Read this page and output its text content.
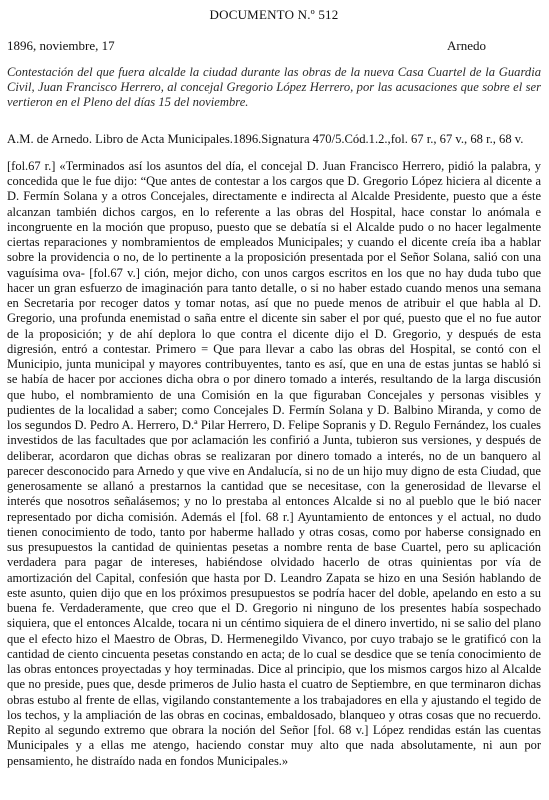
DOCUMENTO N.º 512
1896, noviembre, 17	Arnedo
Contestación del que fuera alcalde la ciudad durante las obras de la nueva Casa Cuartel de la Guardia Civil, Juan Francisco Herrero, al concejal Gregorio López Herrero, por las acusaciones que sobre el ser vertieron en el Pleno del días 15 del noviembre.
A.M. de Arnedo. Libro de Acta Municipales.1896.Signatura 470/5.Cód.1.2.,fol. 67 r., 67 v., 68 r., 68 v.
[fol.67 r.] «Terminados así los asuntos del día, el concejal D. Juan Francisco Herrero, pidió la palabra, y concedida que le fue dijo: “Que antes de contestar a los cargos que D. Gregorio López hiciera al dicente a D. Fermín Solana y a otros Concejales, directamente e indirecta al Alcalde Presidente, puesto que a éste alcanzan también dichos cargos, en lo referente a las obras del Hospital, hace constar lo anómala e incongruente en la moción que propuso, puesto que se debatía si el Alcalde pudo o no hacer legalmente ciertas reparaciones y nombramientos de empleados Municipales; y cuando el dicente creía iba a hablar sobre la providencia o no, de lo pertinente a la proposición presentada por el Señor Solana, salió con una vaguísima ova- [fol.67 v.] ción, mejor dicho, con unos cargos escritos en los que no hay duda tubo que hacer un gran esfuerzo de imaginación para tanto detalle, o si no haber estado cuando menos una semana en Secretaria por recoger datos y tomar notas, así que no puede menos de atribuir el que habla al D. Gregorio, una profunda enemistad o saña entre el dicente sin saber el por qué, puesto que el no fue autor de la proposición; y de ahí deplora lo que contra el dicente dijo el D. Gregorio, y después de esta digresión, entró a contestar. Primero = Que para llevar a cabo las obras del Hospital, se contó con el Municipio, junta municipal y mayores contribuyentes, tanto es así, que en una de estas juntas se habló si se había de hacer por acciones dicha obra o por dinero tomado a interés, resultando de la larga discusión que hubo, el nombramiento de una Comisión en la que figuraban Concejales y personas visibles y pudientes de la localidad a saber; como Concejales D. Fermín Solana y D. Balbino Miranda, y como de los segundos D. Pedro A. Herrero, D.ª Pilar Herrero, D. Felipe Sopranis y D. Regulo Fernández, los cuales investidos de las facultades que por aclamación les confirió a Junta, tubieron sus versiones, y después de deliberar, acordaron que dichas obras se realizaran por dinero tomado a interés, no de un banquero al parecer desconocido para Arnedo y que vive en Andalucía, si no de un hijo muy digno de esta Ciudad, que generosamente se allanó a prestarnos la cantidad que se necesitase, con la generosidad de llevarse el interés que nosotros señalásemos; y no lo prestaba al entonces Alcalde si no al pueblo que le bió nacer representado por dicha comisión. Además el [fol. 68 r.] Ayuntamiento de entonces y el actual, no dudo tienen conocimiento de todo, tanto por haberme hallado y otras cosas, como por haberse consignado en sus presupuestos la cantidad de quinientas pesetas a nombre renta de base Cuartel, pero su aplicación verdadera para pagar de intereses, habiéndose olvidado hacerlo de otras quinientas por vía de amortización del Capital, confesión que hasta por D. Leandro Zapata se hizo en una Sesión hablando de este asunto, quien dijo que en los próximos presupuestos se podría hacer del doble, apelando en esto a su buena fe. Verdaderamente, que creo que el D. Gregorio ni ninguno de los presentes había sospechado siquiera, que el entonces Alcalde, tocara ni un céntimo siquiera de el dinero invertido, ni se salio del plano que el efecto hizo el Maestro de Obras, D. Hermenegildo Vivanco, por cuyo trabajo se le gratificó con la cantidad de ciento cincuenta pesetas constando en acta; de lo cual se desdice que se tenía conocimiento de las obras entonces proyectadas y hoy terminadas. Dice al principio, que los mismos cargos hizo al Alcalde que no preside, pues que, desde primeros de Julio hasta el cuatro de Septiembre, en que terminaron dichas obras estubo al frente de ellas, vigilando constantemente a los trabajadores en ella y ajustando el tegido de los techos, y la ampliación de las obras en cocinas, embaldosado, blanqueo y otras cosas que no recuerdo. Repito al segundo extremo que obrara la noción del Señor [fol. 68 v.] López rendidas están las cuentas Municipales y a ellas me atengo, haciendo constar muy alto que nada absolutamente, ni aun por pensamiento, he distraído nada en fondos Municipales.»
